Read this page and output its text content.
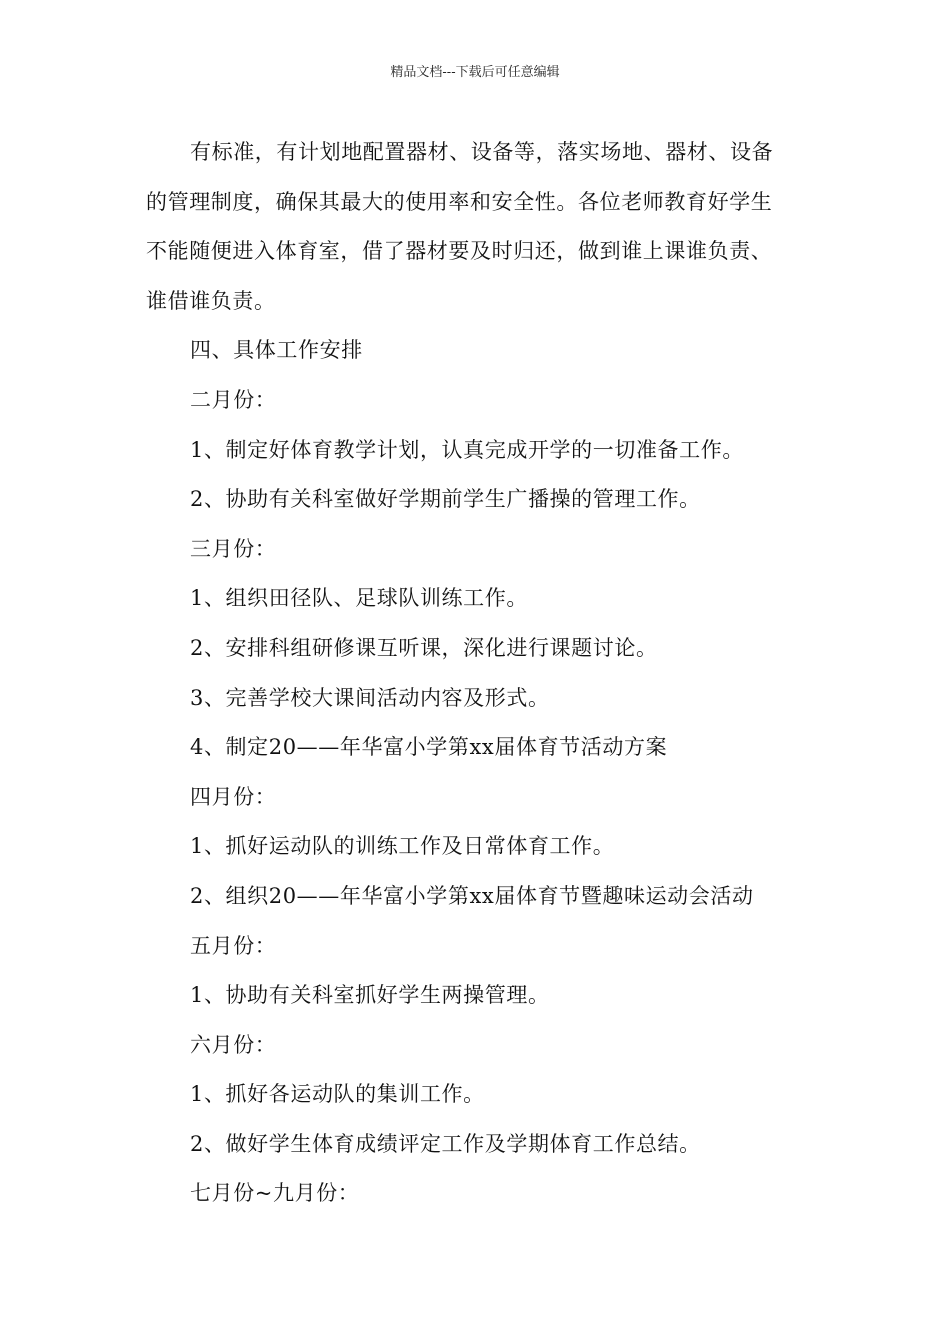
精品文档---下载后可任意编辑

有标准，有计划地配置器材、设备等，落实场地、器材、设备

的管理制度，确保其最大的使用率和安全性。各位老师教育好学生

不能随便进入体育室，借了器材要及时归还，做到谁上课谁负责、

谁借谁负责。

四、具体工作安排

二月份：

1、制定好体育教学计划，认真完成开学的一切准备工作。

2、协助有关科室做好学期前学生广播操的管理工作。

三月份：

1、组织田径队、足球队训练工作。

2、安排科组研修课互听课，深化进行课题讨论。

3、完善学校大课间活动内容及形式。

4、制定20——年华富小学第xx届体育节活动方案

四月份：

1、抓好运动队的训练工作及日常体育工作。

2、组织20——年华富小学第xx届体育节暨趣味运动会活动

五月份：

1、协助有关科室抓好学生两操管理。

六月份：

1、抓好各运动队的集训工作。

2、做好学生体育成绩评定工作及学期体育工作总结。

七月份~九月份：
